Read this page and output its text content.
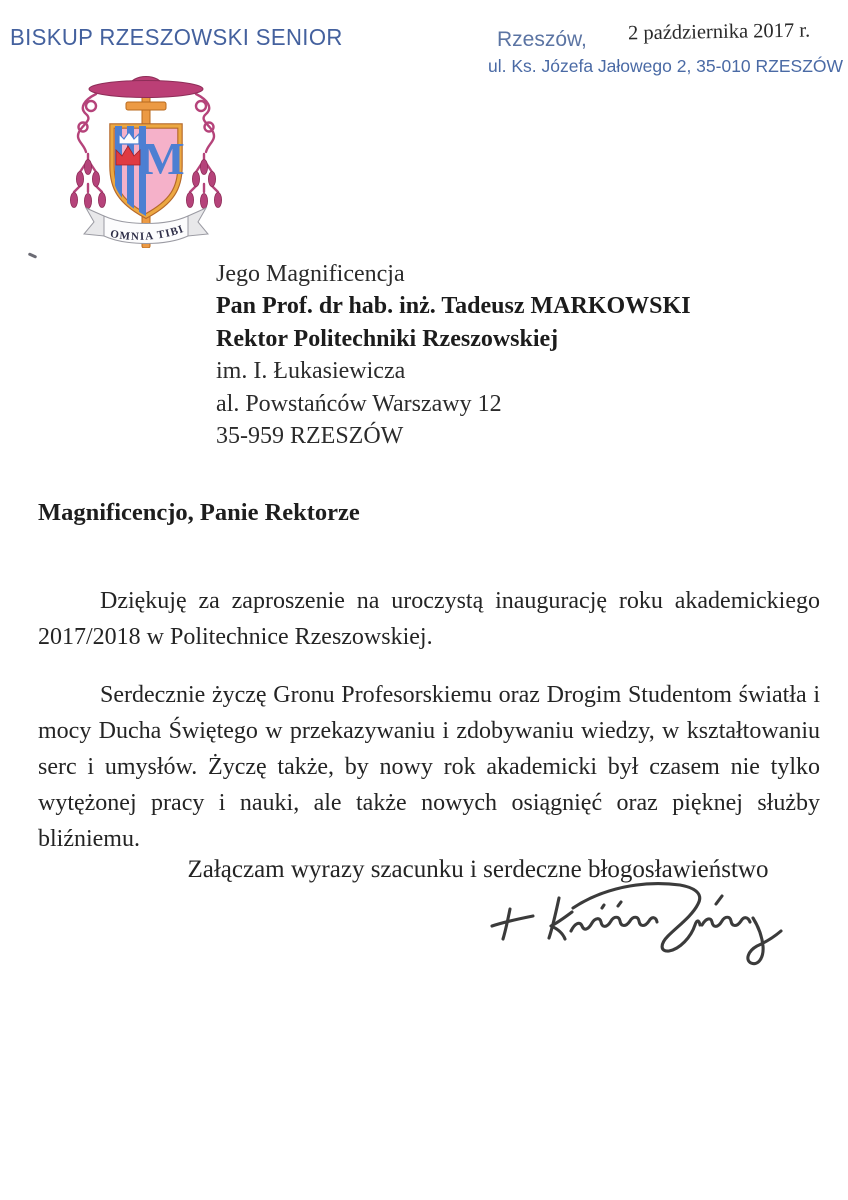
BISKUP RZESZOWSKI SENIOR	Rzeszów, 2 października 2017 r.
ul. Ks. Józefa Jałowego 2, 35-010 RZESZÓW
M
OMNIA TIBI
Jego Magnificencja
Pan Prof. dr hab. inż. Tadeusz MARKOWSKI
Rektor Politechniki Rzeszowskiej
im. I. Łukasiewicza
al. Powstańców Warszawy 12
35-959 RZESZÓW
Magnificencjo, Panie Rektorze
Dziękuję za zaproszenie na uroczystą inaugurację roku akademickiego 2017/2018 w Politechnice Rzeszowskiej.
Serdecznie życzę Gronu Profesorskiemu oraz Drogim Studentom światła i mocy Ducha Świętego w przekazywaniu i zdobywaniu wiedzy, w kształtowaniu serc i umysłów. Życzę także, by nowy rok akademicki był czasem nie tylko wytężonej pracy i nauki, ale także nowych osiągnięć oraz pięknej służby bliźniemu.
Załączam wyrazy szacunku i serdeczne błogosławieństwo
